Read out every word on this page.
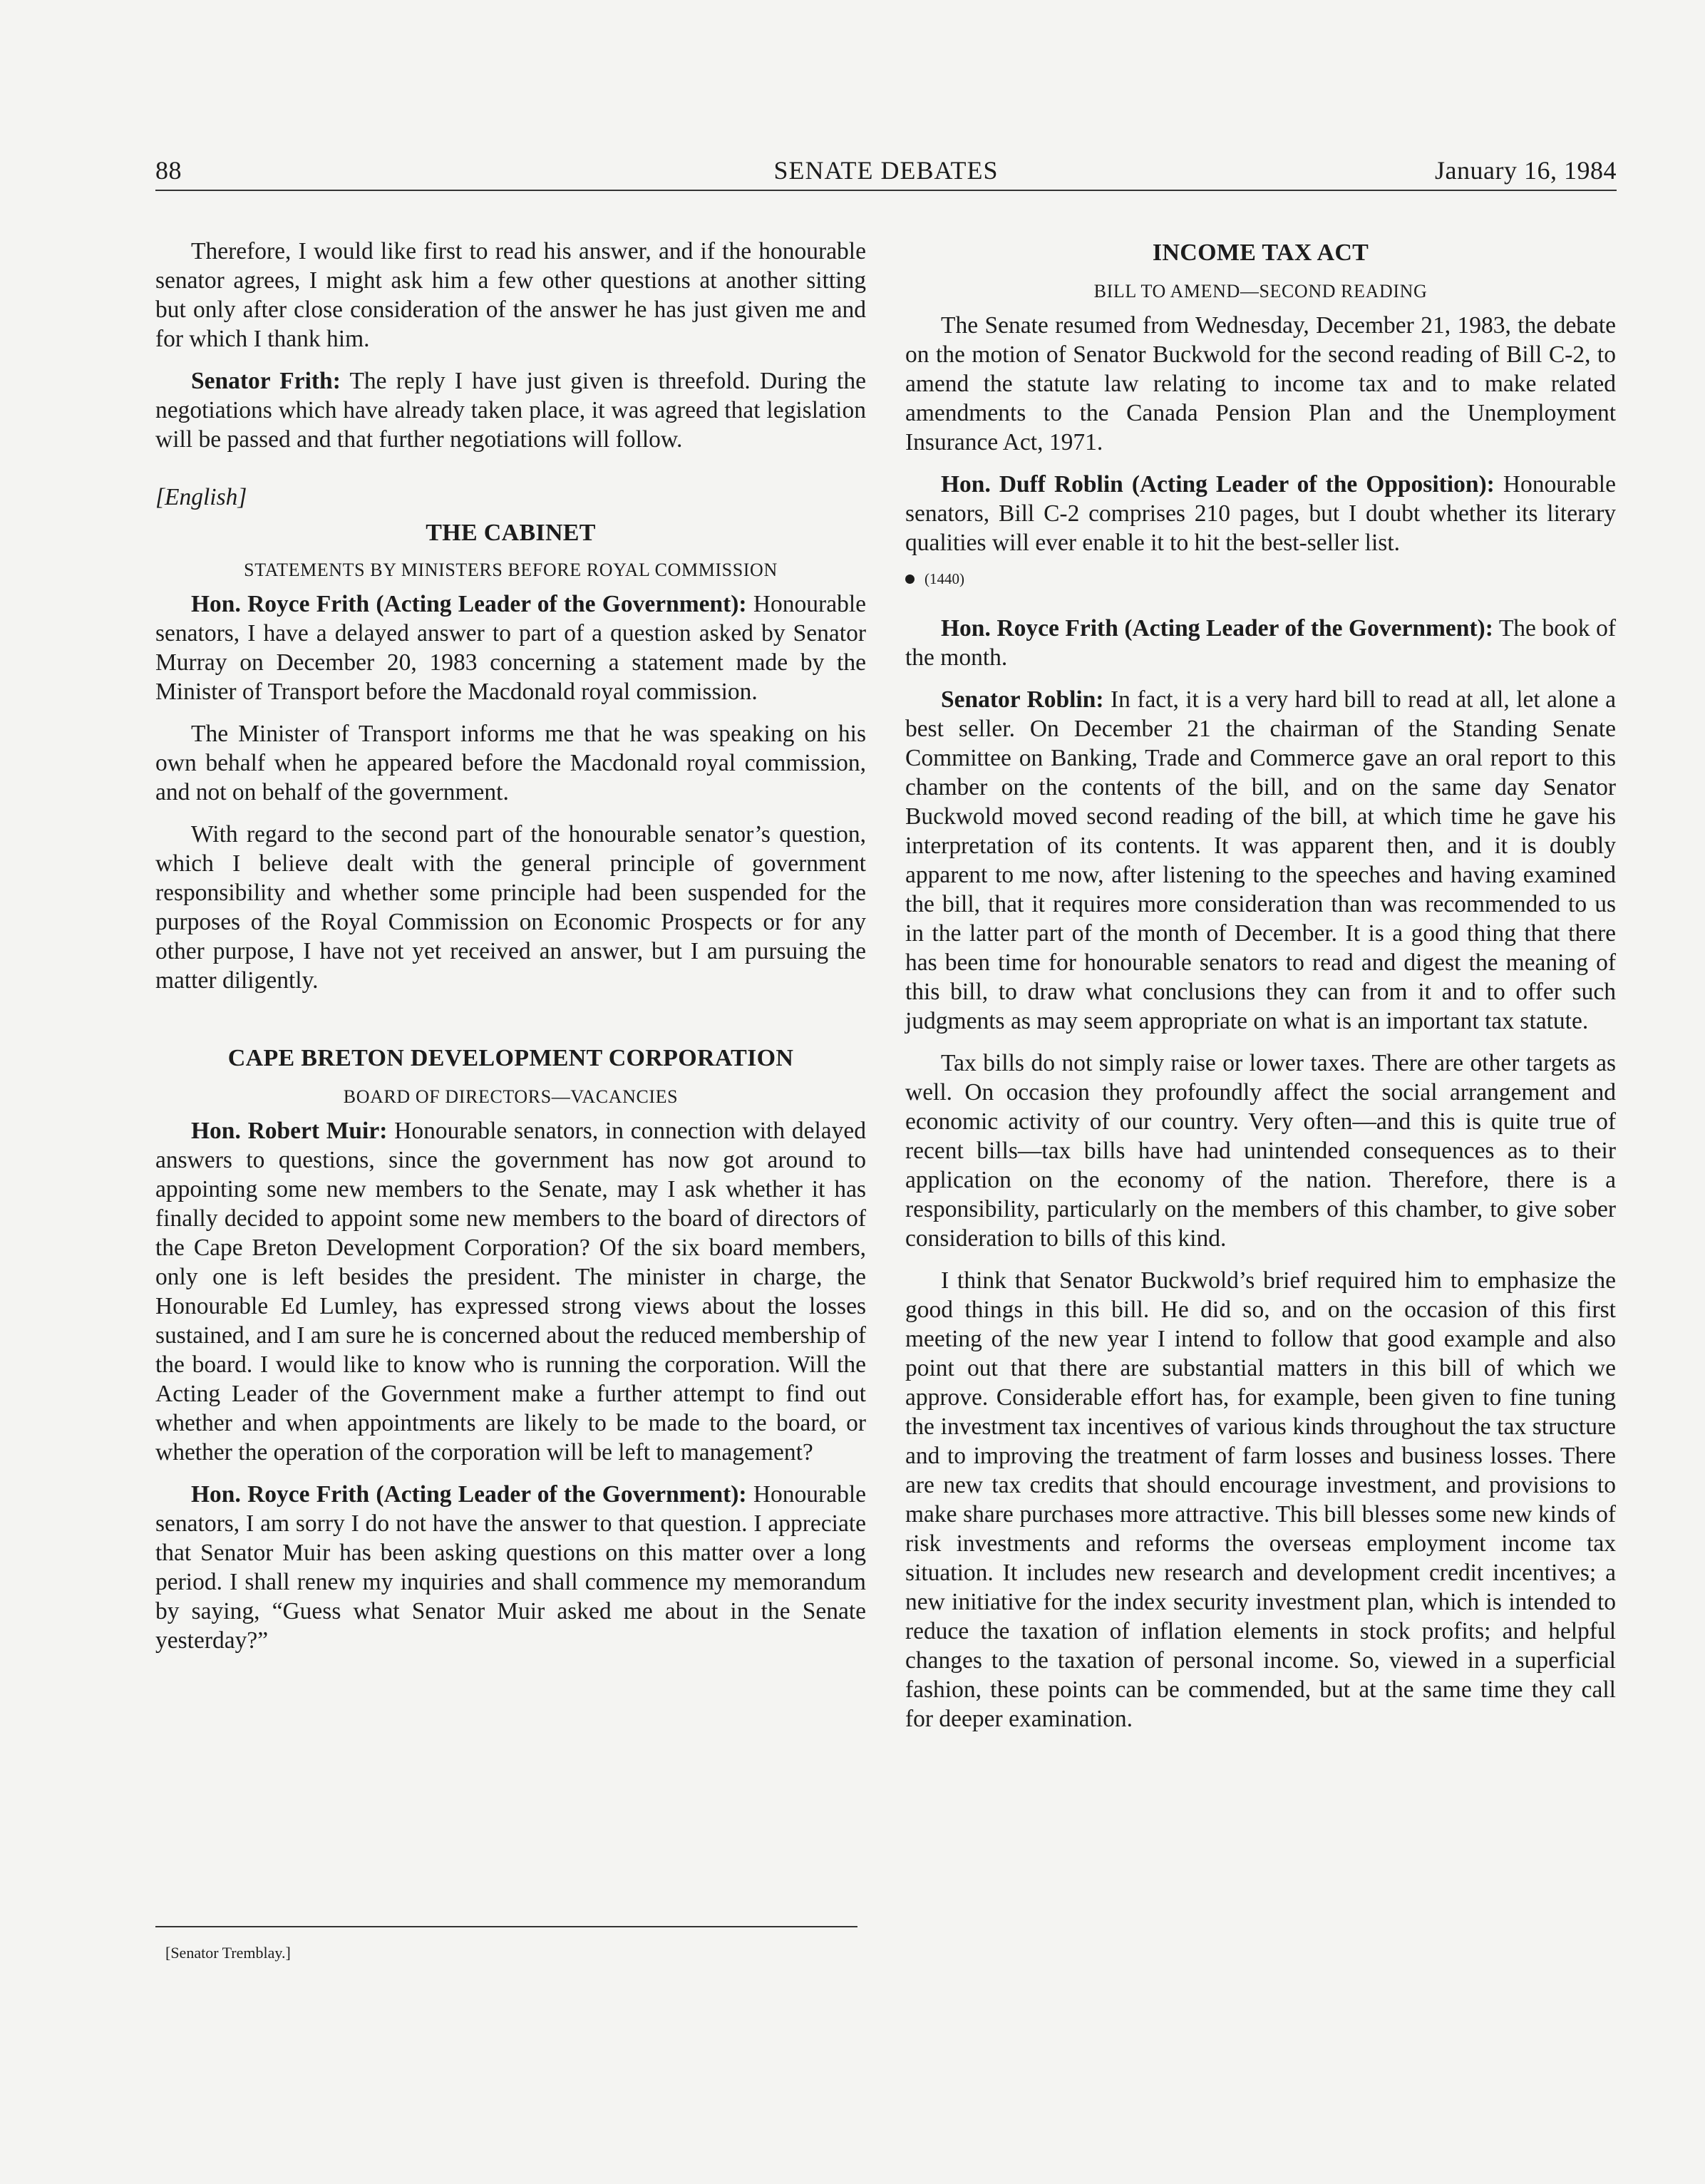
88	SENATE DEBATES	January 16, 1984

Therefore, I would like first to read his answer, and if the honourable senator agrees, I might ask him a few other questions at another sitting but only after close consideration of the answer he has just given me and for which I thank him.

Senator Frith: The reply I have just given is threefold. During the negotiations which have already taken place, it was agreed that legislation will be passed and that further negotiations will follow.

[English]
THE CABINET
STATEMENTS BY MINISTERS BEFORE ROYAL COMMISSION

Hon. Royce Frith (Acting Leader of the Government): Honourable senators, I have a delayed answer to part of a question asked by Senator Murray on December 20, 1983 concerning a statement made by the Minister of Transport before the Macdonald royal commission.

The Minister of Transport informs me that he was speaking on his own behalf when he appeared before the Macdonald royal commission, and not on behalf of the government.

With regard to the second part of the honourable senator’s question, which I believe dealt with the general principle of government responsibility and whether some principle had been suspended for the purposes of the Royal Commission on Economic Prospects or for any other purpose, I have not yet received an answer, but I am pursuing the matter diligently.

CAPE BRETON DEVELOPMENT CORPORATION
BOARD OF DIRECTORS—VACANCIES

Hon. Robert Muir: Honourable senators, in connection with delayed answers to questions, since the government has now got around to appointing some new members to the Senate, may I ask whether it has finally decided to appoint some new members to the board of directors of the Cape Breton Development Corporation? Of the six board members, only one is left besides the president. The minister in charge, the Honourable Ed Lumley, has expressed strong views about the losses sustained, and I am sure he is concerned about the reduced membership of the board. I would like to know who is running the corporation. Will the Acting Leader of the Government make a further attempt to find out whether and when appointments are likely to be made to the board, or whether the operation of the corporation will be left to management?

Hon. Royce Frith (Acting Leader of the Government): Honourable senators, I am sorry I do not have the answer to that question. I appreciate that Senator Muir has been asking questions on this matter over a long period. I shall renew my inquiries and shall commence my memorandum by saying, “Guess what Senator Muir asked me about in the Senate yesterday?”

[Senator Tremblay.]
INCOME TAX ACT
BILL TO AMEND—SECOND READING

The Senate resumed from Wednesday, December 21, 1983, the debate on the motion of Senator Buckwold for the second reading of Bill C-2, to amend the statute law relating to income tax and to make related amendments to the Canada Pension Plan and the Unemployment Insurance Act, 1971.

Hon. Duff Roblin (Acting Leader of the Opposition): Honourable senators, Bill C-2 comprises 210 pages, but I doubt whether its literary qualities will ever enable it to hit the best-seller list.

(1440)

Hon. Royce Frith (Acting Leader of the Government): The book of the month.

Senator Roblin: In fact, it is a very hard bill to read at all, let alone a best seller. On December 21 the chairman of the Standing Senate Committee on Banking, Trade and Commerce gave an oral report to this chamber on the contents of the bill, and on the same day Senator Buckwold moved second reading of the bill, at which time he gave his interpretation of its contents. It was apparent then, and it is doubly apparent to me now, after listening to the speeches and having examined the bill, that it requires more consideration than was recommended to us in the latter part of the month of December. It is a good thing that there has been time for honourable senators to read and digest the meaning of this bill, to draw what conclusions they can from it and to offer such judgments as may seem appropriate on what is an important tax statute.

Tax bills do not simply raise or lower taxes. There are other targets as well. On occasion they profoundly affect the social arrangement and economic activity of our country. Very often—and this is quite true of recent bills—tax bills have had unintended consequences as to their application on the economy of the nation. Therefore, there is a responsibility, particularly on the members of this chamber, to give sober consideration to bills of this kind.

I think that Senator Buckwold’s brief required him to emphasize the good things in this bill. He did so, and on the occasion of this first meeting of the new year I intend to follow that good example and also point out that there are substantial matters in this bill of which we approve. Considerable effort has, for example, been given to fine tuning the investment tax incentives of various kinds throughout the tax structure and to improving the treatment of farm losses and business losses. There are new tax credits that should encourage investment, and provisions to make share purchases more attractive. This bill blesses some new kinds of risk investments and reforms the overseas employment income tax situation. It includes new research and development credit incentives; a new initiative for the index security investment plan, which is intended to reduce the taxation of inflation elements in stock profits; and helpful changes to the taxation of personal income. So, viewed in a superficial fashion, these points can be commended, but at the same time they call for deeper examination.
